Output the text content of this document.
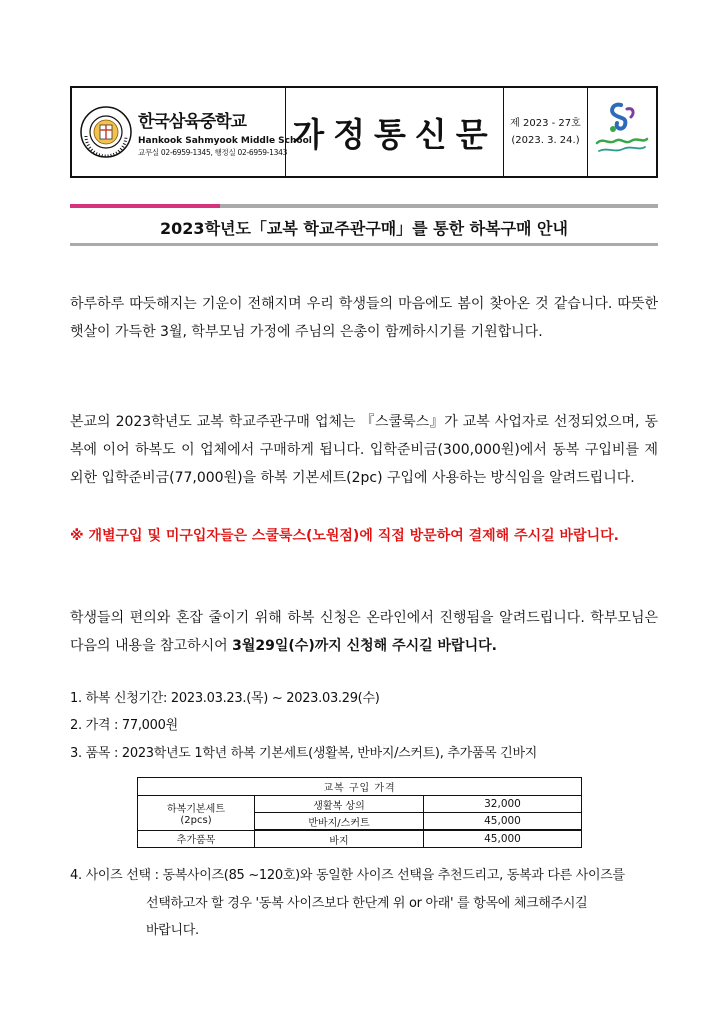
한국삼육중학교
Hankook Sahmyook Middle School
교무실 02-6959-1345, 행정실 02-6959-1343 가정통신문 제 2023 - 27호
(2023. 3. 24.)
2023학년도「교복 학교주관구매」를 통한 하복구매 안내
하루하루 따듯해지는 기운이 전해지며 우리 학생들의 마음에도 봄이 찾아온 것 같습니다. 따뜻한 햇살이 가득한 3월, 학부모님 가정에 주님의 은총이 함께하시기를 기원합니다.
본교의 2023학년도 교복 학교주관구매 업체는 『스쿨룩스』가 교복 사업자로 선정되었으며, 동복에 이어 하복도 이 업체에서 구매하게 됩니다. 입학준비금(300,000원)에서 동복 구입비를 제외한 입학준비금(77,000원)을 하복 기본세트(2pc) 구입에 사용하는 방식임을 알려드립니다.
※ 개별구입 및 미구입자들은 스쿨룩스(노원점)에 직접 방문하여 결제해 주시길 바랍니다.
학생들의 편의와 혼잡 줄이기 위해 하복 신청은 온라인에서 진행됨을 알려드립니다. 학부모님은 다음의 내용을 참고하시어 3월29일(수)까지 신청해 주시길 바랍니다.
1. 하복 신청기간: 2023.03.23.(목) ~ 2023.03.29(수)
2. 가격 : 77,000원
3. 품목 : 2023학년도 1학년 하복 기본세트(생활복, 반바지/스커트), 추가품목 긴바지
교복 구입 가격		

하복기본세트
(2pcs)	생활복 상의	32,000
	반바지/스커트	45,000
추가품목	바지	45,000
4. 사이즈 선택 : 동복사이즈(85 ~120호)와 동일한 사이즈 선택을 추천드리고, 동복과 다른 사이즈를
선택하고자 할 경우 '동복 사이즈보다 한단계 위 or 아래' 를 항목에 체크해주시길
바랍니다.
